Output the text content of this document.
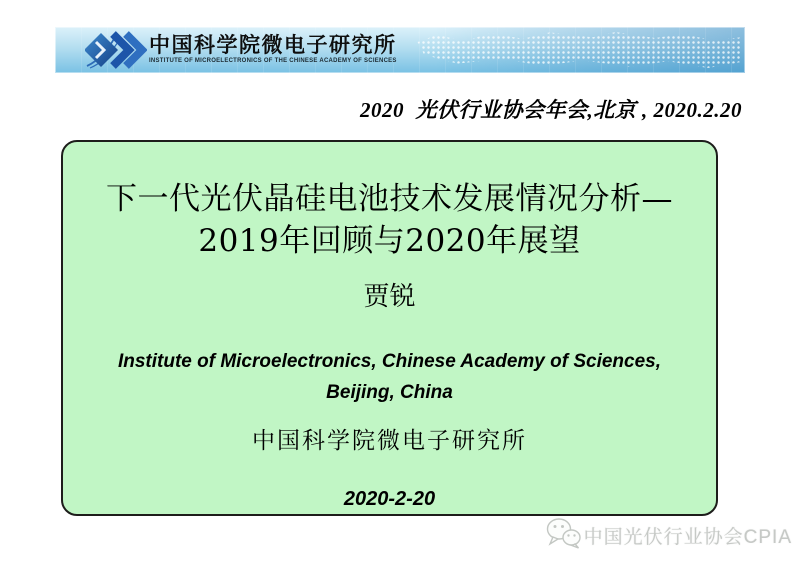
中国科学院微电子研究所
INSTITUTE OF MICROELECTRONICS OF THE CHINESE ACADEMY OF SCIENCES
2020  光伏行业协会年会,北京 , 2020.2.20
下一代光伏晶硅电池技术发展情况分析—
2019年回顾与2020年展望
贾锐
Institute of Microelectronics, Chinese Academy of Sciences,
Beijing, China
中国科学院微电子研究所
2020-2-20
中国光伏行业协会CPIA
